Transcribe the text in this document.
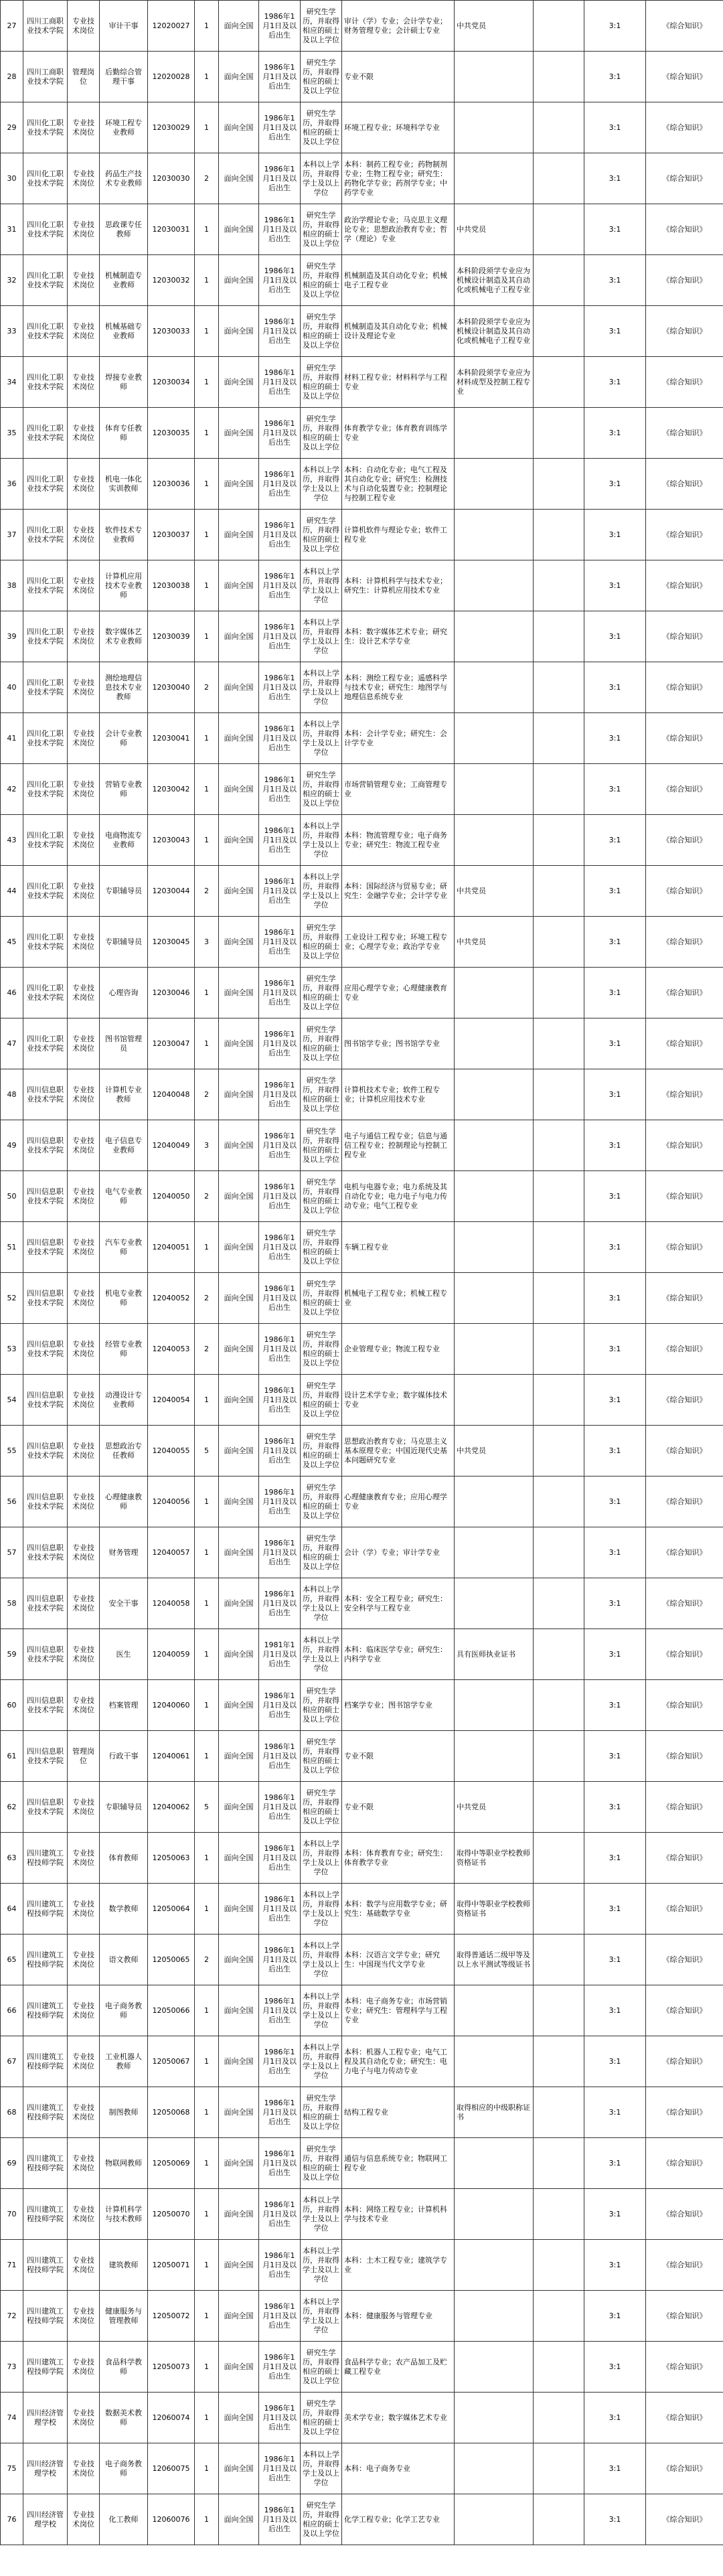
27	四川工商职业技术学院	专业技术岗位	审计干事	12020027	1	面向全国	1986年1月1日及以后出生	研究生学历，并取得相应的硕士及以上学位	审计（学）专业；会计学专业；财务管理专业；会计硕士专业	中共党员		3:1	《综合知识》
28	四川工商职业技术学院	管理岗位	后勤综合管理干事	12020028	1	面向全国	1986年1月1日及以后出生	研究生学历，并取得相应的硕士及以上学位	专业不限			3:1	《综合知识》
29	四川化工职业技术学院	专业技术岗位	环境工程专业教师	12030029	1	面向全国	1986年1月1日及以后出生	研究生学历，并取得相应的硕士及以上学位	环境工程专业；环境科学专业			3:1	《综合知识》
30	四川化工职业技术学院	专业技术岗位	药品生产技术专业教师	12030030	2	面向全国	1986年1月1日及以后出生	本科以上学历，并取得学士及以上学位	本科：制药工程专业；药物制剂专业；生物工程专业；研究生：药物化学专业；药剂学专业；中药学专业			3:1	《综合知识》
31	四川化工职业技术学院	专业技术岗位	思政课专任教师	12030031	1	面向全国	1986年1月1日及以后出生	研究生学历，并取得相应的硕士及以上学位	政治学理论专业；马克思主义理论专业；思想政治教育专业；哲学（理论）专业	中共党员		3:1	《综合知识》
32	四川化工职业技术学院	专业技术岗位	机械制造专业教师	12030032	1	面向全国	1986年1月1日及以后出生	研究生学历，并取得相应的硕士及以上学位	机械制造及其自动化专业；机械电子工程专业	本科阶段须学专业应为机械设计制造及其自动化或机械电子工程专业		3:1	《综合知识》
33	四川化工职业技术学院	专业技术岗位	机械基础专业教师	12030033	1	面向全国	1986年1月1日及以后出生	研究生学历，并取得相应的硕士及以上学位	机械制造及其自动化专业；机械设计及理论专业	本科阶段须学专业应为机械设计制造及其自动化或机械电子工程专业		3:1	《综合知识》
34	四川化工职业技术学院	专业技术岗位	焊接专业教师	12030034	1	面向全国	1986年1月1日及以后出生	研究生学历，并取得相应的硕士及以上学位	材料工程专业；材料科学与工程专业	本科阶段须学专业应为材料成型及控制工程专业		3:1	《综合知识》
35	四川化工职业技术学院	专业技术岗位	体育专任教师	12030035	1	面向全国	1986年1月1日及以后出生	研究生学历，并取得相应的硕士及以上学位	体育教学专业；体育教育训练学专业			3:1	《综合知识》
36	四川化工职业技术学院	专业技术岗位	机电一体化实训教师	12030036	1	面向全国	1986年1月1日及以后出生	本科以上学历，并取得学士及以上学位	本科：自动化专业；电气工程及其自动化专业；研究生：检测技术与自动化装置专业；控制理论与控制工程专业			3:1	《综合知识》
37	四川化工职业技术学院	专业技术岗位	软件技术专业教师	12030037	1	面向全国	1986年1月1日及以后出生	研究生学历，并取得相应的硕士及以上学位	计算机软件与理论专业；软件工程专业			3:1	《综合知识》
38	四川化工职业技术学院	专业技术岗位	计算机应用技术专业教师	12030038	1	面向全国	1986年1月1日及以后出生	本科以上学历，并取得学士及以上学位	本科：计算机科学与技术专业；研究生：计算机应用技术专业			3:1	《综合知识》
39	四川化工职业技术学院	专业技术岗位	数字媒体艺术专业教师	12030039	1	面向全国	1986年1月1日及以后出生	本科以上学历，并取得学士及以上学位	本科：数字媒体艺术专业；研究生：设计艺术学专业			3:1	《综合知识》
40	四川化工职业技术学院	专业技术岗位	测绘地理信息技术专业教师	12030040	2	面向全国	1986年1月1日及以后出生	本科以上学历，并取得学士及以上学位	本科：测绘工程专业；遥感科学与技术专业；研究生：地图学与地理信息系统专业			3:1	《综合知识》
41	四川化工职业技术学院	专业技术岗位	会计专业教师	12030041	1	面向全国	1986年1月1日及以后出生	本科以上学历，并取得学士及以上学位	本科：会计学专业；研究生：会计学专业			3:1	《综合知识》
42	四川化工职业技术学院	专业技术岗位	营销专业教师	12030042	1	面向全国	1986年1月1日及以后出生	研究生学历，并取得相应的硕士及以上学位	市场营销管理专业；工商管理专业			3:1	《综合知识》
43	四川化工职业技术学院	专业技术岗位	电商物流专业教师	12030043	1	面向全国	1986年1月1日及以后出生	本科以上学历，并取得学士及以上学位	本科：物流管理专业；电子商务专业；研究生：物流工程专业			3:1	《综合知识》
44	四川化工职业技术学院	专业技术岗位	专职辅导员	12030044	2	面向全国	1986年1月1日及以后出生	本科以上学历，并取得学士及以上学位	本科：国际经济与贸易专业；研究生：金融学专业；会计学专业	中共党员		3:1	《综合知识》
45	四川化工职业技术学院	专业技术岗位	专职辅导员	12030045	3	面向全国	1986年1月1日及以后出生	研究生学历，并取得相应的硕士及以上学位	工业设计工程专业；环境工程专业；心理学专业；政治学专业	中共党员		3:1	《综合知识》
46	四川化工职业技术学院	专业技术岗位	心理咨询	12030046	1	面向全国	1986年1月1日及以后出生	研究生学历，并取得相应的硕士及以上学位	应用心理学专业；心理健康教育专业			3:1	《综合知识》
47	四川化工职业技术学院	专业技术岗位	图书馆管理员	12030047	1	面向全国	1986年1月1日及以后出生	研究生学历，并取得相应的硕士及以上学位	图书馆学专业；图书馆学专业			3:1	《综合知识》
48	四川信息职业技术学院	专业技术岗位	计算机专业教师	12040048	2	面向全国	1986年1月1日及以后出生	研究生学历，并取得相应的硕士及以上学位	计算机技术专业；软件工程专业；计算机应用技术专业			3:1	《综合知识》
49	四川信息职业技术学院	专业技术岗位	电子信息专业教师	12040049	3	面向全国	1986年1月1日及以后出生	研究生学历，并取得相应的硕士及以上学位	电子与通信工程专业；信息与通信工程专业；控制理论与控制工程专业			3:1	《综合知识》
50	四川信息职业技术学院	专业技术岗位	电气专业教师	12040050	2	面向全国	1986年1月1日及以后出生	研究生学历，并取得相应的硕士及以上学位	电机与电器专业；电力系统及其自动化专业；电力电子与电力传动专业；电气工程专业			3:1	《综合知识》
51	四川信息职业技术学院	专业技术岗位	汽车专业教师	12040051	1	面向全国	1986年1月1日及以后出生	研究生学历，并取得相应的硕士及以上学位	车辆工程专业			3:1	《综合知识》
52	四川信息职业技术学院	专业技术岗位	机电专业教师	12040052	2	面向全国	1986年1月1日及以后出生	研究生学历，并取得相应的硕士及以上学位	机械电子工程专业；机械工程专业			3:1	《综合知识》
53	四川信息职业技术学院	专业技术岗位	经管专业教师	12040053	2	面向全国	1986年1月1日及以后出生	研究生学历，并取得相应的硕士及以上学位	企业管理专业；物流工程专业			3:1	《综合知识》
54	四川信息职业技术学院	专业技术岗位	动漫设计专业教师	12040054	1	面向全国	1986年1月1日及以后出生	研究生学历，并取得相应的硕士及以上学位	设计艺术学专业；数字媒体技术专业			3:1	《综合知识》
55	四川信息职业技术学院	专业技术岗位	思想政治专任教师	12040055	5	面向全国	1986年1月1日及以后出生	研究生学历，并取得相应的硕士及以上学位	思想政治教育专业；马克思主义基本原理专业；中国近现代史基本问题研究专业	中共党员		3:1	《综合知识》
56	四川信息职业技术学院	专业技术岗位	心理健康教师	12040056	1	面向全国	1986年1月1日及以后出生	研究生学历，并取得相应的硕士及以上学位	心理健康教育专业；应用心理学专业			3:1	《综合知识》
57	四川信息职业技术学院	专业技术岗位	财务管理	12040057	1	面向全国	1986年1月1日及以后出生	研究生学历，并取得相应的硕士及以上学位	会计（学）专业；审计学专业			3:1	《综合知识》
58	四川信息职业技术学院	专业技术岗位	安全干事	12040058	1	面向全国	1986年1月1日及以后出生	本科以上学历，并取得学士及以上学位	本科：安全工程专业；研究生：安全科学与工程专业			3:1	《综合知识》
59	四川信息职业技术学院	专业技术岗位	医生	12040059	1	面向全国	1981年1月1日及以后出生	本科以上学历，并取得学士及以上学位	本科：临床医学专业；研究生：内科学专业	具有医师执业证书		3:1	《综合知识》
60	四川信息职业技术学院	专业技术岗位	档案管理	12040060	1	面向全国	1986年1月1日及以后出生	研究生学历，并取得相应的硕士及以上学位	档案学专业；图书馆学专业			3:1	《综合知识》
61	四川信息职业技术学院	管理岗位	行政干事	12040061	1	面向全国	1986年1月1日及以后出生	研究生学历，并取得相应的硕士及以上学位	专业不限			3:1	《综合知识》
62	四川信息职业技术学院	专业技术岗位	专职辅导员	12040062	5	面向全国	1986年1月1日及以后出生	研究生学历，并取得相应的硕士及以上学位	专业不限	中共党员		3:1	《综合知识》
63	四川建筑工程技师学院	专业技术岗位	体育教师	12050063	1	面向全国	1986年1月1日及以后出生	本科以上学历，并取得学士及以上学位	本科：体育教育专业；研究生：体育教学专业	取得中等职业学校教师资格证书		3:1	《综合知识》
64	四川建筑工程技师学院	专业技术岗位	数学教师	12050064	1	面向全国	1986年1月1日及以后出生	本科以上学历，并取得学士及以上学位	本科：数学与应用数学专业；研究生：基础数学专业	取得中等职业学校教师资格证书		3:1	《综合知识》
65	四川建筑工程技师学院	专业技术岗位	语文教师	12050065	2	面向全国	1986年1月1日及以后出生	本科以上学历，并取得学士及以上学位	本科：汉语言文学专业；研究生：中国现当代文学专业	取得普通话二级甲等及以上水平测试等级证书		3:1	《综合知识》
66	四川建筑工程技师学院	专业技术岗位	电子商务教师	12050066	1	面向全国	1986年1月1日及以后出生	本科以上学历，并取得学士及以上学位	本科：电子商务专业；市场营销专业；研究生：管理科学与工程专业			3:1	《综合知识》
67	四川建筑工程技师学院	专业技术岗位	工业机器人教师	12050067	1	面向全国	1986年1月1日及以后出生	本科以上学历，并取得学士及以上学位	本科：机器人工程专业；电气工程及其自动化专业；研究生：电力电子与电力传动专业			3:1	《综合知识》
68	四川建筑工程技师学院	专业技术岗位	制图教师	12050068	1	面向全国	1986年1月1日及以后出生	研究生学历，并取得相应的硕士及以上学位	结构工程专业	取得相应的中级职称证书		3:1	《综合知识》
69	四川建筑工程技师学院	专业技术岗位	物联网教师	12050069	1	面向全国	1986年1月1日及以后出生	研究生学历，并取得相应的硕士及以上学位	通信与信息系统专业；物联网工程专业			3:1	《综合知识》
70	四川建筑工程技师学院	专业技术岗位	计算机科学与技术教师	12050070	1	面向全国	1986年1月1日及以后出生	本科以上学历，并取得学士及以上学位	本科：网络工程专业；计算机科学与技术专业			3:1	《综合知识》
71	四川建筑工程技师学院	专业技术岗位	建筑教师	12050071	1	面向全国	1986年1月1日及以后出生	本科以上学历，并取得学士及以上学位	本科：土木工程专业；建筑学专业			3:1	《综合知识》
72	四川建筑工程技师学院	专业技术岗位	健康服务与管理教师	12050072	1	面向全国	1986年1月1日及以后出生	本科以上学历，并取得学士及以上学位	本科：健康服务与管理专业			3:1	《综合知识》
73	四川建筑工程技师学院	专业技术岗位	食品科学教师	12050073	1	面向全国	1986年1月1日及以后出生	研究生学历，并取得相应的硕士及以上学位	食品科学专业；农产品加工及贮藏工程专业			3:1	《综合知识》
74	四川经济管理学校	专业技术岗位	数据美术教师	12060074	1	面向全国	1986年1月1日及以后出生	研究生学历，并取得相应的硕士及以上学位	美术学专业；数字媒体艺术专业			3:1	《综合知识》
75	四川经济管理学校	专业技术岗位	电子商务教师	12060075	1	面向全国	1986年1月1日及以后出生	本科以上学历，并取得学士及以上学位	本科：电子商务专业			3:1	《综合知识》
76	四川经济管理学校	专业技术岗位	化工教师	12060076	1	面向全国	1986年1月1日及以后出生	研究生学历，并取得相应的硕士及以上学位	化学工程专业；化学工艺专业			3:1	《综合知识》
